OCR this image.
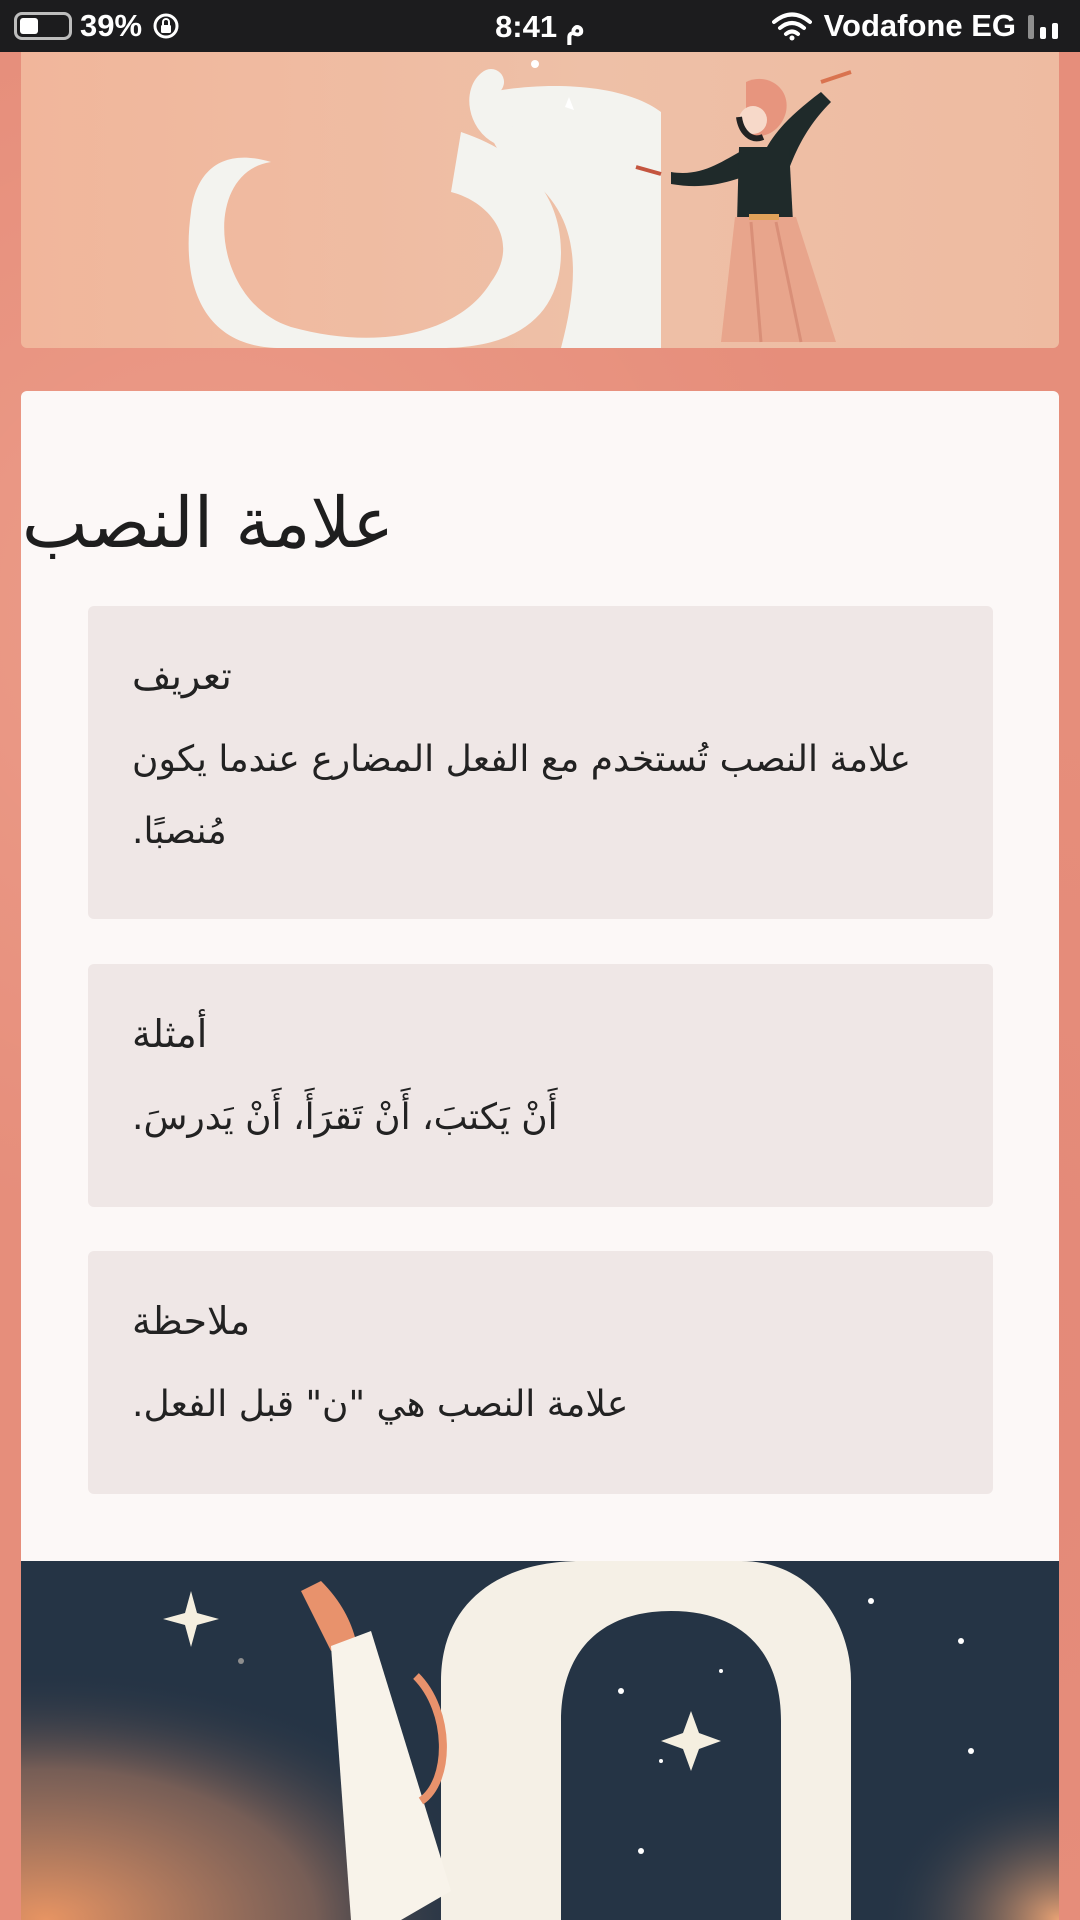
39%	8:41 م	Vodafone EG
علامة النصب
تعريف
علامة النصب تُستخدم مع الفعل المضارع عندما يكون مُنصبًا.
أمثلة
أَنْ يَكتبَ، أَنْ تَقرَأَ، أَنْ يَدرسَ.
ملاحظة
علامة النصب هي "ن" قبل الفعل.
